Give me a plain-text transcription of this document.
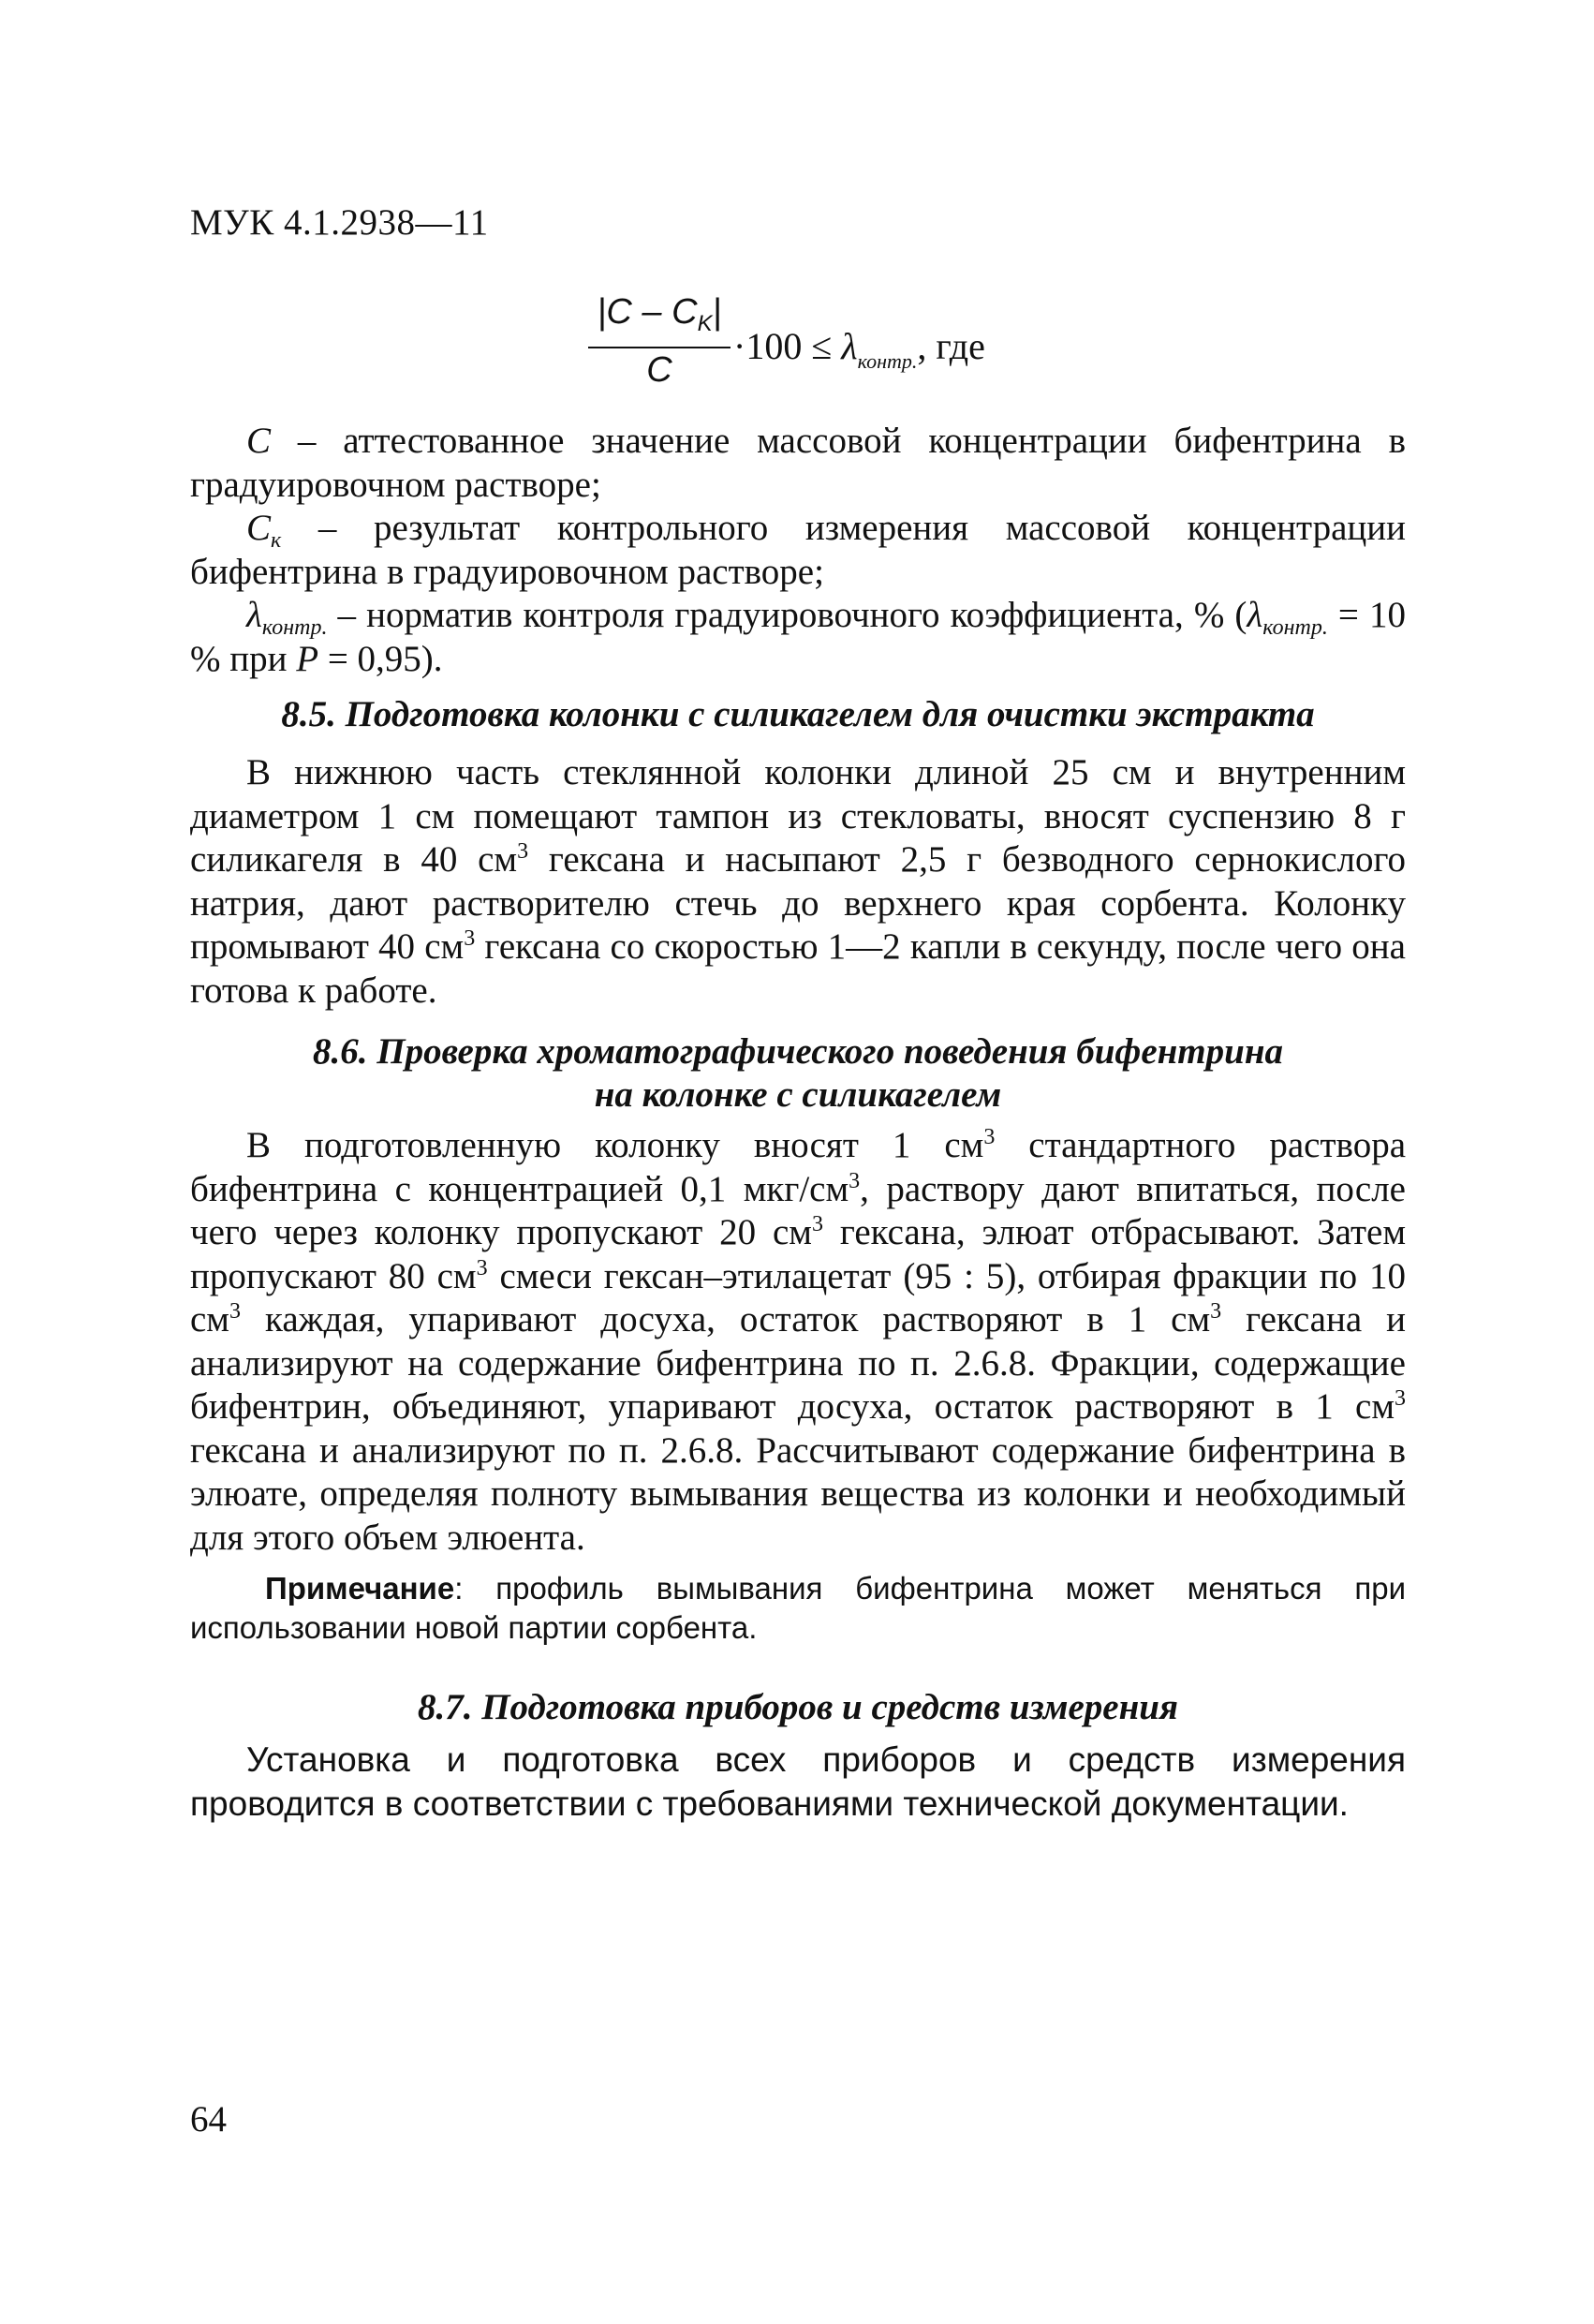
МУК 4.1.2938—11
$|C - C_K|$
C
$\cdot 100 \le \lambda_{контр.}$, где
С – аттестованное значение массовой концентрации бифентрина в градуировочном растворе;
$С_к$ – результат контрольного измерения массовой концентрации бифентрина в градуировочном растворе;
$\lambda_{контр.}$ – норматив контроля градуировочного коэффициента, % ($\lambda_{контр.} = 10$ % при Р = 0,95).
8.5. Подготовка колонки с силикагелем для очистки экстракта
В нижнюю часть стеклянной колонки длиной 25 см и внутренним диаметром 1 см помещают тампон из стекловаты, вносят суспензию 8 г силикагеля в 40 $см^3$ гексана и насыпают 2,5 г безводного сернокислого натрия, дают растворителю стечь до верхнего края сорбента. Колонку промывают 40 $см^3$ гексана со скоростью 1—2 капли в секунду, после чего она готова к работе.
8.6. Проверка хроматографического поведения бифентрина
на колонке с силикагелем
В подготовленную колонку вносят 1 $см^3$ стандартного раствора бифентрина с концентрацией 0,1 мкг/$см^3$, раствору дают впитаться, после чего через колонку пропускают 20 $см^3$ гексана, элюат отбрасывают. Затем пропускают 80 $см^3$ смеси гексан–этилацетат (95 : 5), отбирая фракции по 10 $см^3$ каждая, упаривают досуха, остаток растворяют в 1 $см^3$ гексана и анализируют на содержание бифентрина по п. 2.6.8. Фракции, содержащие бифентрин, объединяют, упаривают досуха, остаток растворяют в 1 $см^3$ гексана и анализируют по п. 2.6.8. Рассчитывают содержание бифентрина в элюате, определяя полноту вымывания вещества из колонки и необходимый для этого объем элюента.
Примечание: профиль вымывания бифентрина может меняться при использовании новой партии сорбента.
8.7. Подготовка приборов и средств измерения
Установка и подготовка всех приборов и средств измерения проводится в соответствии с требованиями технической документации.
64
